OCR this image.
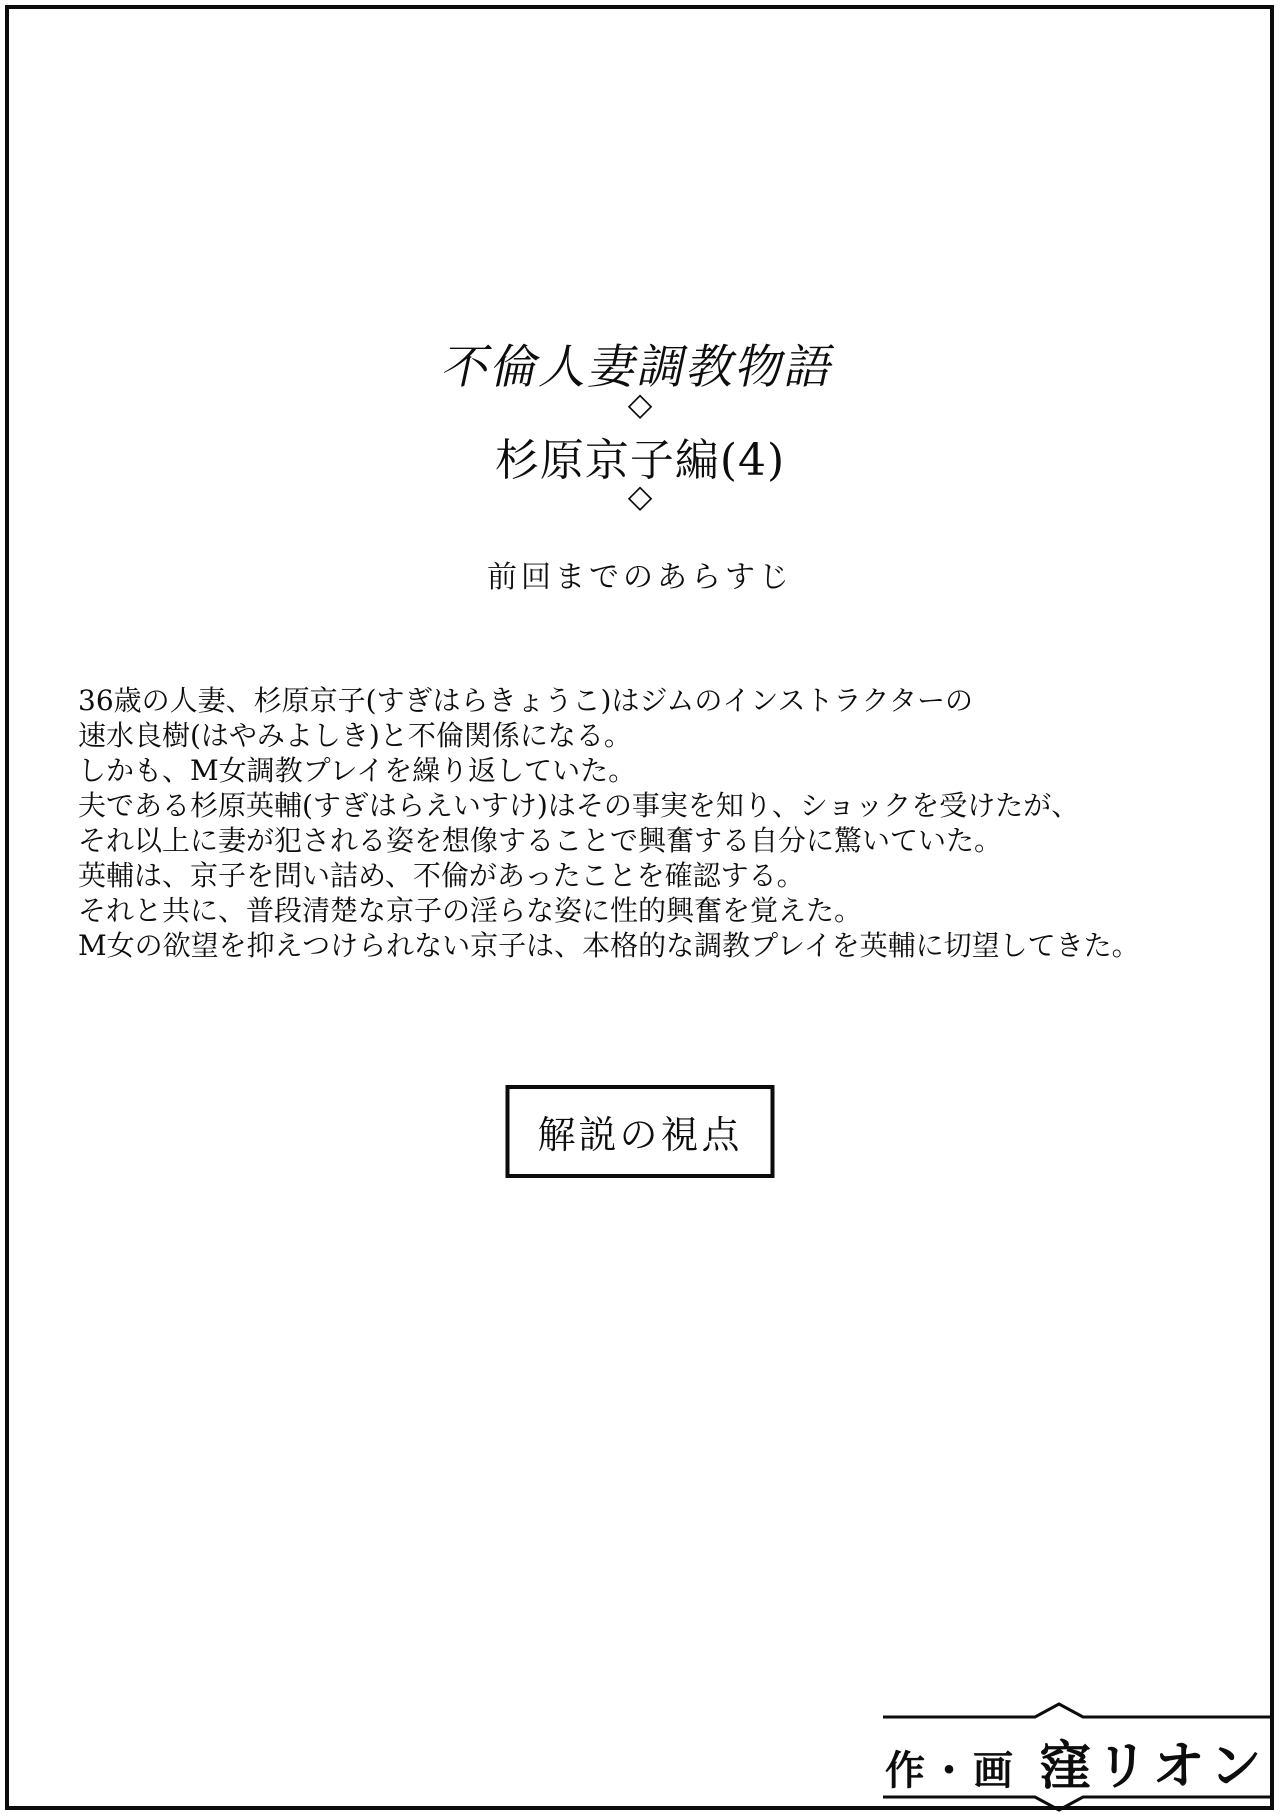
不倫人妻調教物語
◇
杉原京子編(4)
◇
前回までのあらすじ
36歳の人妻、杉原京子(すぎはらきょうこ)はジムのインストラクターの
速水良樹(はやみよしき)と不倫関係になる。
しかも、M女調教プレイを繰り返していた。
夫である杉原英輔(すぎはらえいすけ)はその事実を知り、ショックを受けたが、
それ以上に妻が犯される姿を想像することで興奮する自分に驚いていた。
英輔は、京子を問い詰め、不倫があったことを確認する。
それと共に、普段清楚な京子の淫らな姿に性的興奮を覚えた。
M女の欲望を抑えつけられない京子は、本格的な調教プレイを英輔に切望してきた。
解説の視点
作・画 窪リオン
